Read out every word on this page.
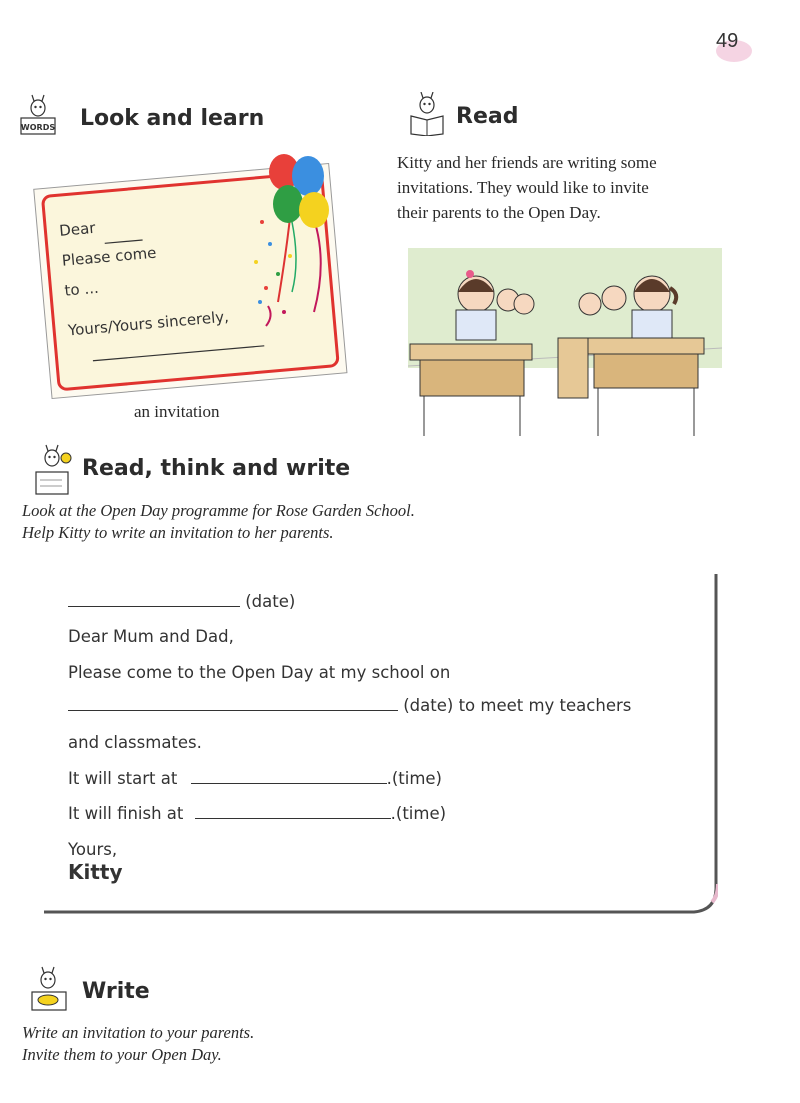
49
WORDS Look and learn
Dear
Please come
to ...
Yours/Yours sincerely,
an invitation
Read
Kitty and her friends are writing some
invitations. They would like to invite
their parents to the Open Day.
Read, think and write
Look at the Open Day programme for Rose Garden School.
Help Kitty to write an invitation to her parents.
(date)
Dear Mum and Dad,
Please come to the Open Day at my school on
(date) to meet my teachers
and classmates.
It will start at	.(time)
It will finish at	.(time)
Yours,
Kitty
Write
Write an invitation to your parents.
Invite them to your Open Day.
